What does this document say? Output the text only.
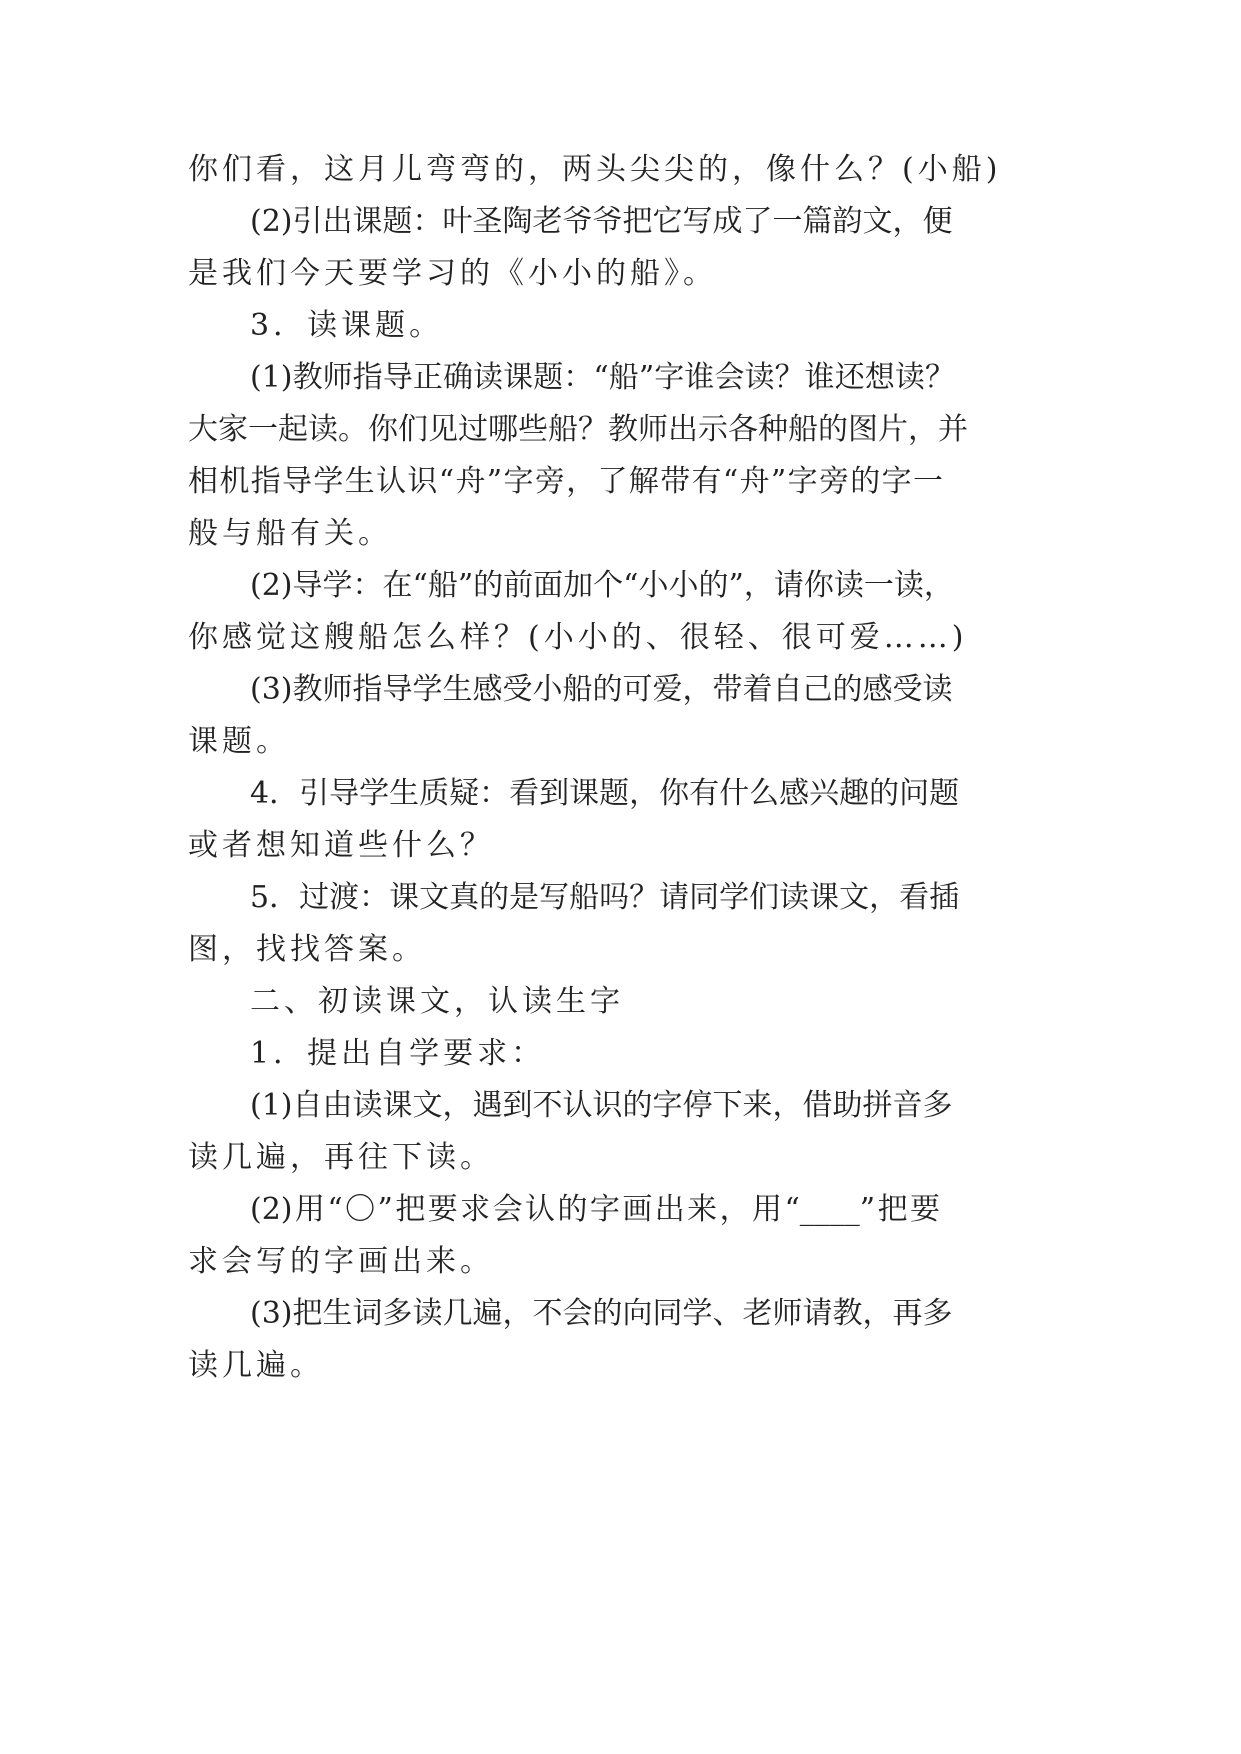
你们看，这月儿弯弯的，两头尖尖的，像什么？(小船)
(2)引出课题：叶圣陶老爷爷把它写成了一篇韵文，便
是我们今天要学习的《小小的船》。
3．读课题。
(1)教师指导正确读课题：“船”字谁会读？谁还想读？
大家一起读。你们见过哪些船？教师出示各种船的图片，并
相机指导学生认识“舟”字旁，了解带有“舟”字旁的字一
般与船有关。
(2)导学：在“船”的前面加个“小小的”，请你读一读，
你感觉这艘船怎么样？(小小的、很轻、很可爱……)
(3)教师指导学生感受小船的可爱，带着自己的感受读
课题。
4．引导学生质疑：看到课题，你有什么感兴趣的问题
或者想知道些什么？
5．过渡：课文真的是写船吗？请同学们读课文，看插
图，找找答案。
二、初读课文，认读生字
1．提出自学要求：
(1)自由读课文，遇到不认识的字停下来，借助拼音多
读几遍，再往下读。
(2)用“〇”把要求会认的字画出来，用“____”把要
求会写的字画出来。
(3)把生词多读几遍，不会的向同学、老师请教，再多
读几遍。
